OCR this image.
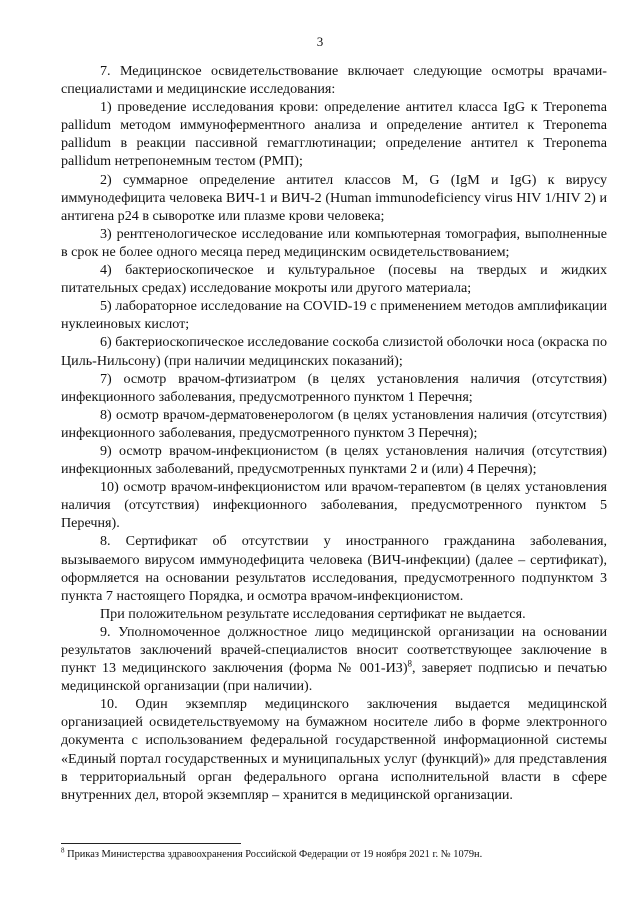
3

7. Медицинское освидетельствование включает следующие осмотры врачами-специалистами и медицинские исследования:

1) проведение исследования крови: определение антител класса IgG к Treponema pallidum методом иммуноферментного анализа и определение антител к Treponema pallidum в реакции пассивной гемагглютинации; определение антител к Treponema pallidum нетрепонемным тестом (РМП);

2) суммарное определение антител классов M, G (IgM и IgG) к вирусу иммунодефицита человека ВИЧ-1 и ВИЧ-2 (Human immunodeficiency virus HIV 1/HIV 2) и антигена p24 в сыворотке или плазме крови человека;

3) рентгенологическое исследование или компьютерная томография, выполненные в срок не более одного месяца перед медицинским освидетельствованием;

4) бактериоскопическое и культуральное (посевы на твердых и жидких питательных средах) исследование мокроты или другого материала;

5) лабораторное исследование на COVID-19 с применением методов амплификации нуклеиновых кислот;

6) бактериоскопическое исследование соскоба слизистой оболочки носа (окраска по Циль-Нильсону) (при наличии медицинских показаний);

7) осмотр врачом-фтизиатром (в целях установления наличия (отсутствия) инфекционного заболевания, предусмотренного пунктом 1 Перечня;

8) осмотр врачом-дерматовенерологом (в целях установления наличия (отсутствия) инфекционного заболевания, предусмотренного пунктом 3 Перечня);

9) осмотр врачом-инфекционистом (в целях установления наличия (отсутствия) инфекционных заболеваний, предусмотренных пунктами 2 и (или) 4 Перечня);

10) осмотр врачом-инфекционистом или врачом-терапевтом (в целях установления наличия (отсутствия) инфекционного заболевания, предусмотренного пунктом 5 Перечня).

8. Сертификат об отсутствии у иностранного гражданина заболевания, вызываемого вирусом иммунодефицита человека (ВИЧ-инфекции) (далее – сертификат), оформляется на основании результатов исследования, предусмотренного подпунктом 3 пункта 7 настоящего Порядка, и осмотра врачом-инфекционистом.

При положительном результате исследования сертификат не выдается.

9. Уполномоченное должностное лицо медицинской организации на основании результатов заключений врачей-специалистов вносит соответствующее заключение в пункт 13 медицинского заключения (форма № 001-ИЗ)$^8$, заверяет подписью и печатью медицинской организации (при наличии).

10. Один экземпляр медицинского заключения выдается медицинской организацией освидетельствуемому на бумажном носителе либо в форме электронного документа с использованием федеральной государственной информационной системы «Единый портал государственных и муниципальных услуг (функций)» для представления в территориальный орган федерального органа исполнительной власти в сфере внутренних дел, второй экземпляр – хранится в медицинской организации.

$^8$ Приказ Министерства здравоохранения Российской Федерации от 19 ноября 2021 г. № 1079н.
